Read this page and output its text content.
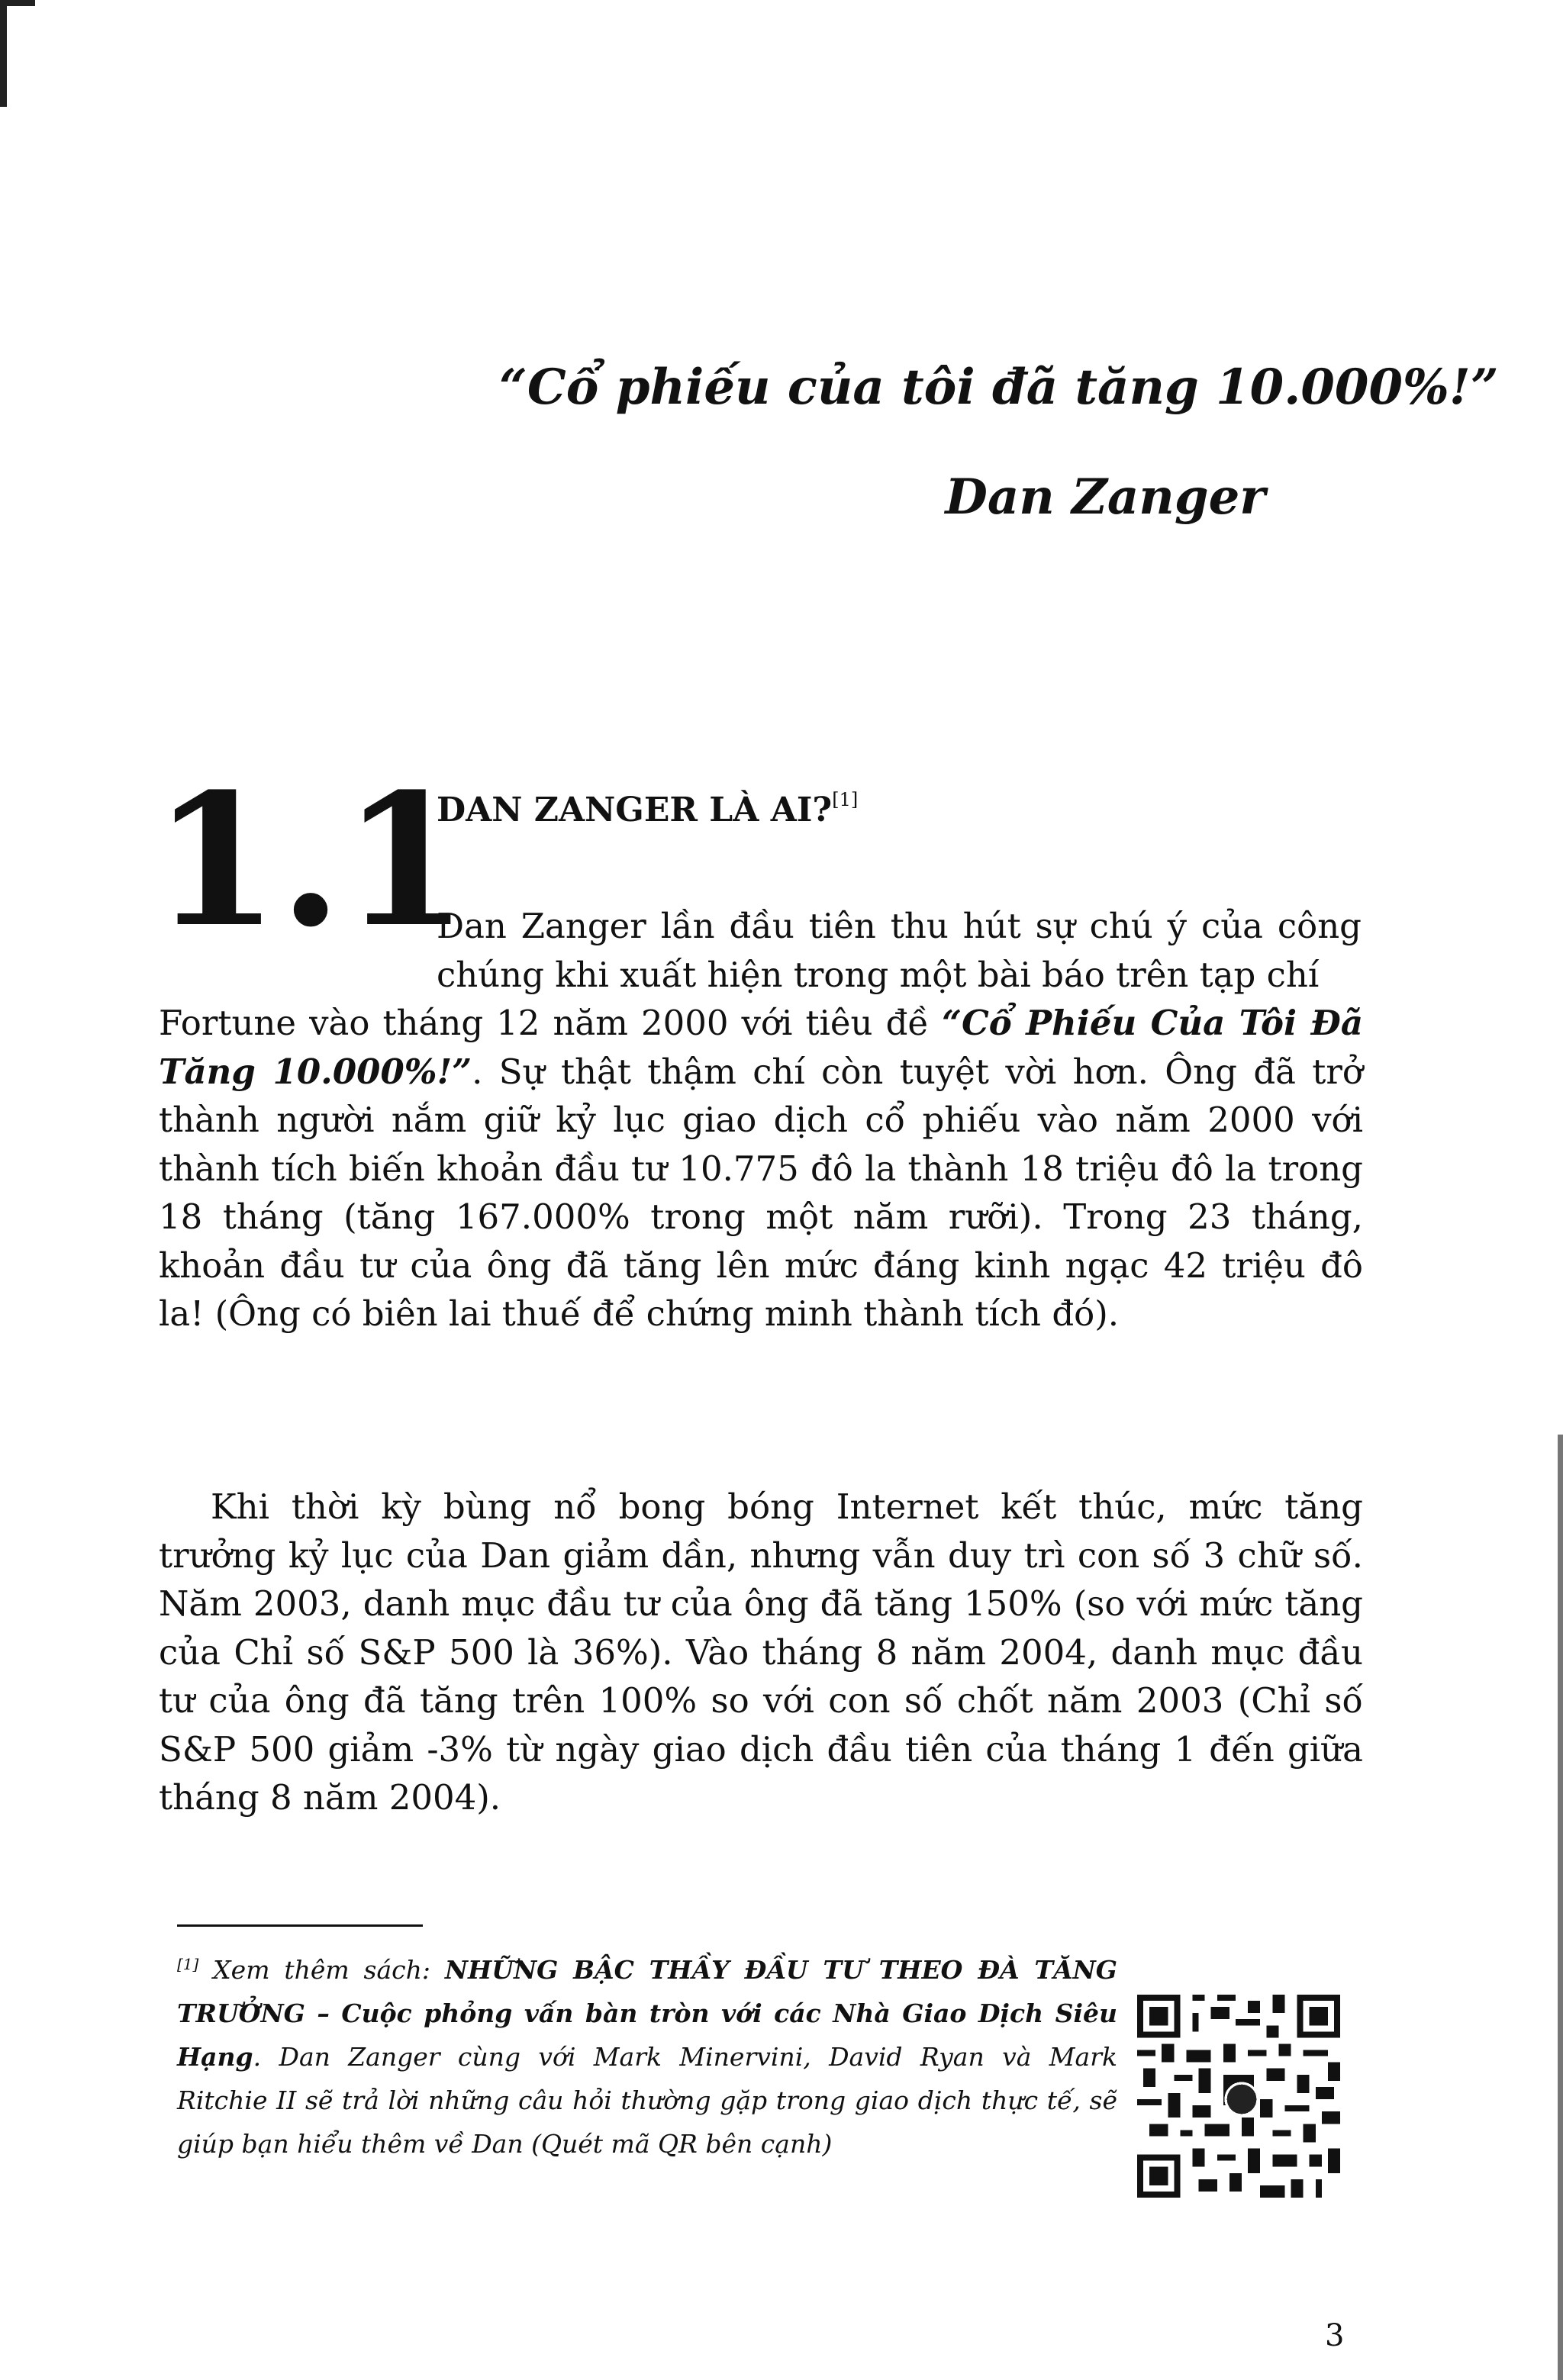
“Cổ phiếu của tôi đã tăng 10.000%!”
Dan Zanger
1.1
DAN ZANGER LÀ AI?[1]
Dan Zanger lần đầu tiên thu hút sự chú ý của công chúng khi xuất hiện trong một bài báo trên tạp chí
Fortune vào tháng 12 năm 2000 với tiêu đề “Cổ Phiếu Của Tôi Đã Tăng 10.000%!”. Sự thật thậm chí còn tuyệt vời hơn. Ông đã trở thành người nắm giữ kỷ lục giao dịch cổ phiếu vào năm 2000 với thành tích biến khoản đầu tư 10.775 đô la thành 18 triệu đô la trong 18 tháng (tăng 167.000% trong một năm rưỡi). Trong 23 tháng, khoản đầu tư của ông đã tăng lên mức đáng kinh ngạc 42 triệu đô la! (Ông có biên lai thuế để chứng minh thành tích đó).
Khi thời kỳ bùng nổ bong bóng Internet kết thúc, mức tăng trưởng kỷ lục của Dan giảm dần, nhưng vẫn duy trì con số 3 chữ số. Năm 2003, danh mục đầu tư của ông đã tăng 150% (so với mức tăng của Chỉ số S&P 500 là 36%). Vào tháng 8 năm 2004, danh mục đầu tư của ông đã tăng trên 100% so với con số chốt năm 2003 (Chỉ số S&P 500 giảm -3% từ ngày giao dịch đầu tiên của tháng 1 đến giữa tháng 8 năm 2004).
[1] Xem thêm sách: NHỮNG BẬC THẦY ĐẦU TƯ THEO ĐÀ TĂNG TRƯỞNG – Cuộc phỏng vấn bàn tròn với các Nhà Giao Dịch Siêu Hạng. Dan Zanger cùng với Mark Minervini, David Ryan và Mark Ritchie II sẽ trả lời những câu hỏi thường gặp trong giao dịch thực tế, sẽ giúp bạn hiểu thêm về Dan (Quét mã QR bên cạnh)
3
